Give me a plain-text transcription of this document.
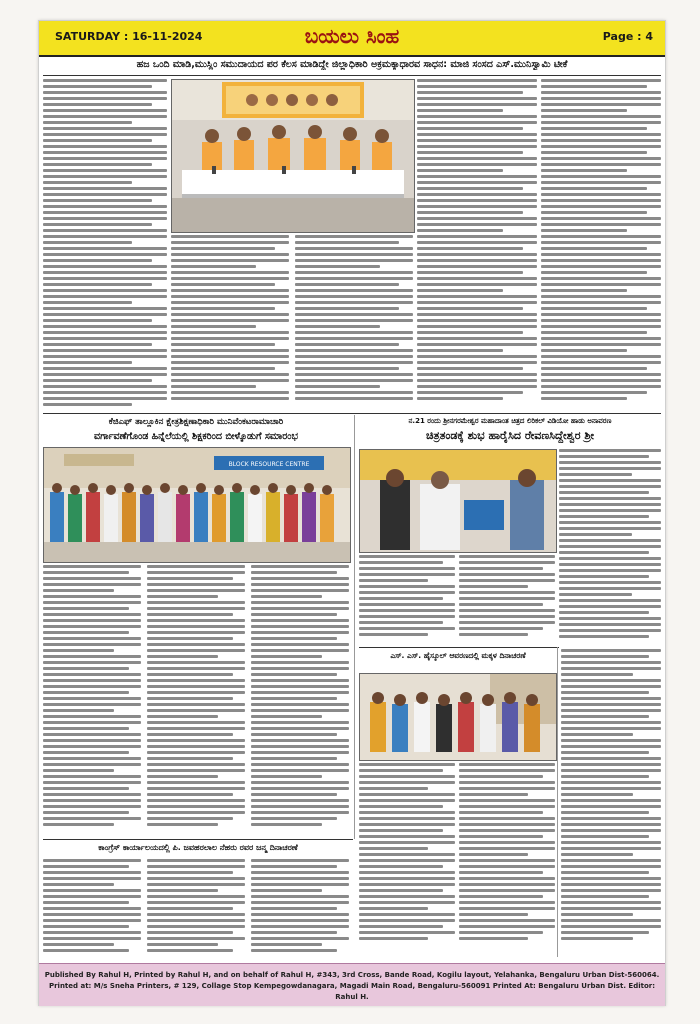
SATURDAY : 16-11-2024	ಬಯಲು ಸಿಂಹ	Page : 4
ಹಜ ಒಂದಿ ಮಾಡಿ,ಮುಸ್ಲಿಂ ಸಮುದಾಯದ ಪರ ಕೆಲಸ ಮಾಡಿದ್ದೇ ಜಿಲ್ಲಾಧಿಕಾರಿ ಅಕ್ರಮಕ್ಕಾಧಾರವ ಸಾಧನ: ಮಾಜಿ ಸಂಸದ ಎಸ್.ಮುನಿಸ್ವಾಮಿ ಟೀಕೆ
ಕೆಜಿಎಫ್ ತಾಲ್ಲೂಕಿನ ಕ್ಷೇತ್ರಶಿಕ್ಷಣಾಧಿಕಾರಿ ಮುನಿವೆಂಕಟರಾಮಾಚಾರಿ
ವರ್ಗಾವಣೆಗೊಂಡ ಹಿನ್ನೆಲೆಯಲ್ಲಿ ಶಿಕ್ಷಕರಿಂದ ಬೀಳ್ಕೊಡುಗೆ ಸಮಾರಂಭ
BLOCK RESOURCE CENTRE
ನ.21 ರಂದು ಶ್ರೀನಗರಮೇಶ್ವರ ಮಹಾದಾಂತ ಚಿತ್ರದ ಲಿರಿಕಲ್ ವಿಡಿಯೋ ಹಾಡು ಅನಾವರಣ
ಚಿತ್ರತಂಡಕ್ಕೆ ಶುಭ ಹಾರೈಸಿದ ರೇವಣಸಿದ್ದೇಶ್ವರ ಶ್ರೀ
ಎಸ್. ಎಸ್. ಹೈಸ್ಕೂಲ್ ಆವರಣದಲ್ಲಿ ಮಕ್ಕಳ ದಿನಾಚರಣೆ
ಕಾಂಗ್ರೆಸ್ ಕಾರ್ಯಾಲಯದಲ್ಲಿ ಪಿ. ಜವಹರಲಾಲ ನೆಹರು ರವರ ಜನ್ಮ ದಿನಾಚರಣೆ
Published By Rahul H, Printed by Rahul H, and on behalf of Rahul H, #343, 3rd Cross, Bande Road, Kogilu layout, Yelahanka, Bengaluru Urban Dist-560064.
Printed at: M/s Sneha Printers, # 129, Collage Stop Kempegowdanagara, Magadi Main Road, Bengaluru-560091 Printed At: Bengaluru Urban Dist. Editor: Rahul H.
